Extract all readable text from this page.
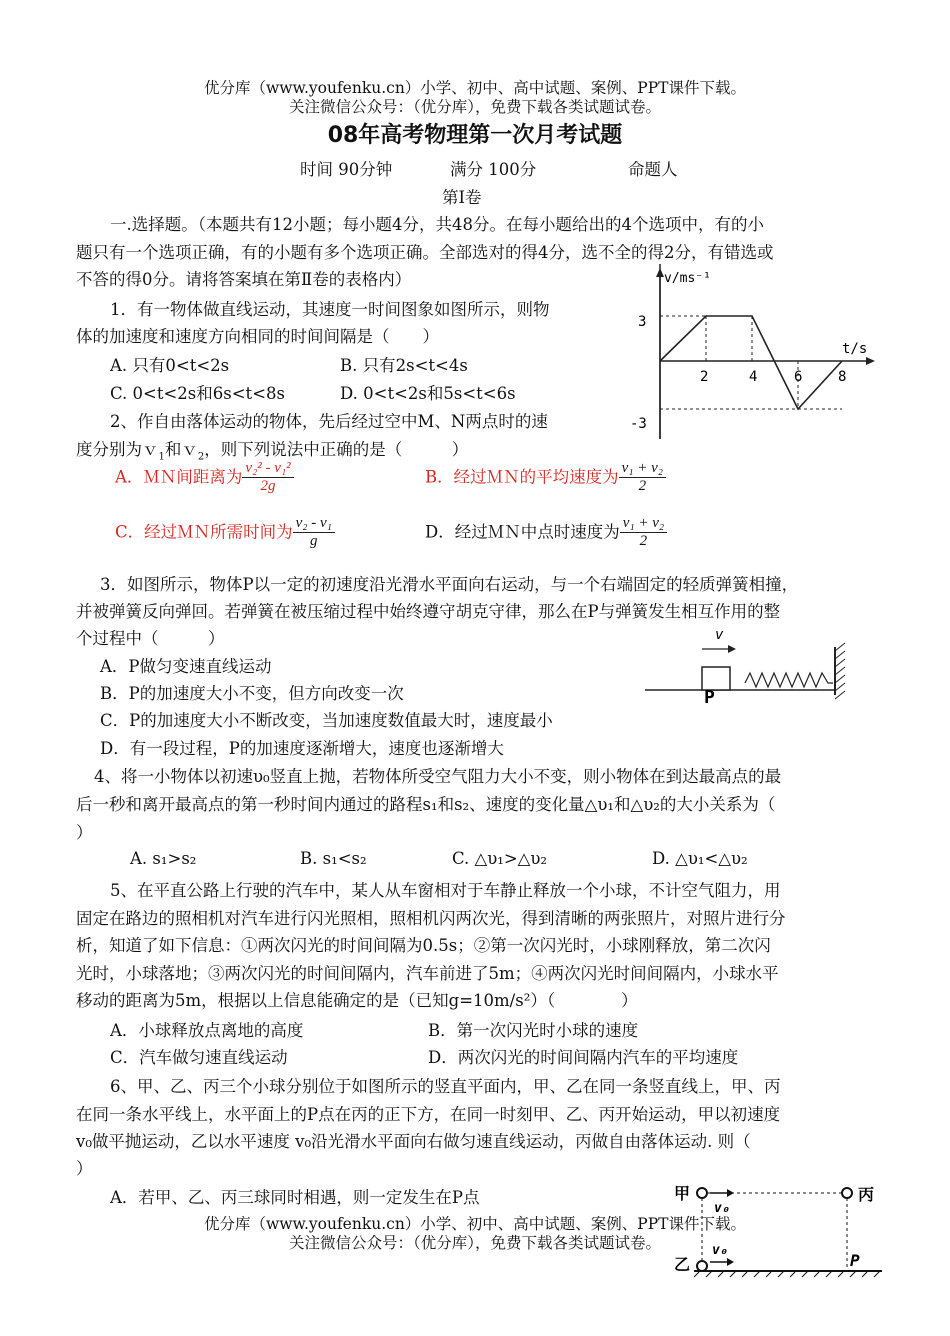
优分库（www.youfenku.cn）小学、初中、高中试题、案例、PPT课件下载。
关注微信公众号：（优分库），免费下载各类试题试卷。
08年高考物理第一次月考试题
时间 90分钟	满分 100分	命题人
第Ⅰ卷
一.选择题。（本题共有12小题；每小题4分，共48分。在每小题给出的4个选项中，有的小
题只有一个选项正确，有的小题有多个选项正确。全部选对的得4分，选不全的得2分，有错选或
不答的得0分。请将答案填在第Ⅱ卷的表格内）
1．有一物体做直线运动，其速度一时间图象如图所示，则物
体的加速度和速度方向相同的时间间隔是（　　）
A. 只有0<t<2s	B. 只有2s<t<4s
C. 0<t<2s和6s<t<8s	D. 0<t<2s和5s<t<6s
2、作自由落体运动的物体，先后经过空中M、N两点时的速
度分别为ｖ$_1$和ｖ$_2$，则下列说法中正确的是（　　　）
A．ＭＮ间距离为 $\frac{\text{v₂² - v₁²}}{2g}$	B．经过ＭＮ的平均速度为 $\frac{\text{v₁ + v₂}}{2}$
C．经过ＭＮ所需时间为 $\frac{\text{v₂ - v₁}}{g}$	D．经过ＭＮ中点时速度为 $\frac{\text{v₁ + v₂}}{2}$
3．如图所示，物体P以一定的初速度沿光滑水平面向右运动，与一个右端固定的轻质弹簧相撞，
并被弹簧反向弹回。若弹簧在被压缩过程中始终遵守胡克守律，那么在P与弹簧发生相互作用的整
个过程中（　　　）
A．P做匀变速直线运动
B．P的加速度大小不变，但方向改变一次
C．P的加速度大小不断改变，当加速度数值最大时，速度最小
D．有一段过程，P的加速度逐渐增大，速度也逐渐增大
4、将一小物体以初速υ₀竖直上抛，若物体所受空气阻力大小不变，则小物体在到达最高点的最
后一秒和离开最高点的第一秒时间内通过的路程s₁和s₂、速度的变化量△υ₁和△υ₂的大小关系为（
）
A. s₁>s₂	B. s₁<s₂	C. △υ₁>△υ₂	D. △υ₁<△υ₂
5、在平直公路上行驶的汽车中，某人从车窗相对于车静止释放一个小球，不计空气阻力，用
固定在路边的照相机对汽车进行闪光照相，照相机闪两次光，得到清晰的两张照片，对照片进行分
析，知道了如下信息：①两次闪光的时间间隔为0.5s；②第一次闪光时，小球刚释放，第二次闪
光时，小球落地；③两次闪光的时间间隔内，汽车前进了5m；④两次闪光时间间隔内，小球水平
移动的距离为5m，根据以上信息能确定的是（已知g=10m/s²）（　　　　）
A．小球释放点离地的高度	B．第一次闪光时小球的速度
C．汽车做匀速直线运动	D．两次闪光的时间间隔内汽车的平均速度
6、甲、乙、丙三个小球分别位于如图所示的竖直平面内，甲、乙在同一条竖直线上，甲、丙
在同一条水平线上，水平面上的P点在丙的正下方，在同一时刻甲、乙、丙开始运动，甲以初速度
v₀做平抛运动，乙以水平速度 v₀沿光滑水平面向右做匀速直线运动，丙做自由落体运动. 则（
）
A．若甲、乙、丙三球同时相遇，则一定发生在P点
优分库（www.youfenku.cn）小学、初中、高中试题、案例、PPT课件下载。
关注微信公众号：（优分库），免费下载各类试题试卷。
v/ms⁻¹
t/s
3
-3
2	4	6	8
v
P
甲
v₀
丙
乙
v₀
P
